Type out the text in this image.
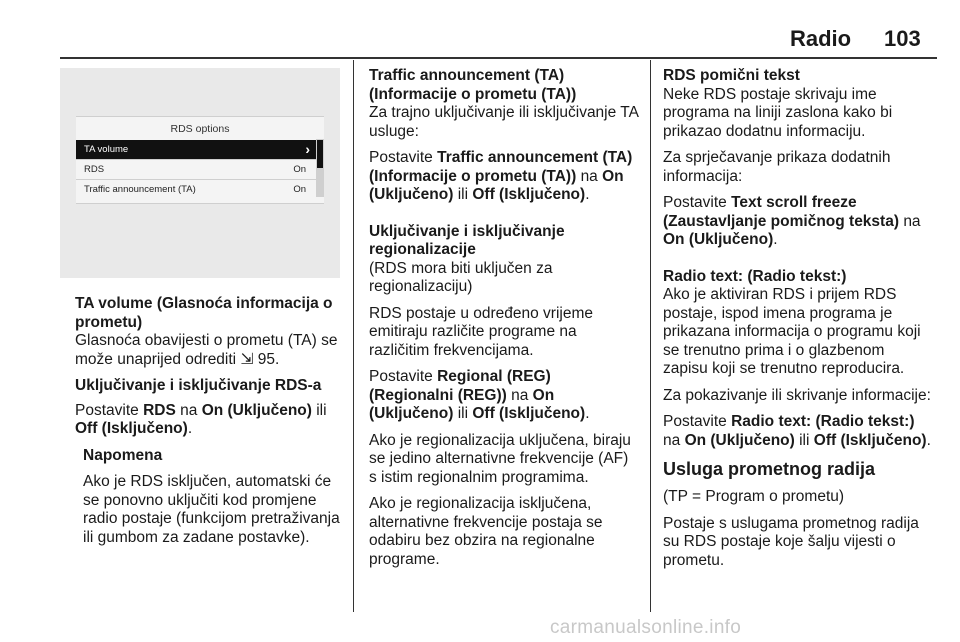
Radio 103
RDS options
TA volume	›
RDS	On
Traffic announcement (TA)	On

TA volume (Glasnoća informacija o prometu)

Glasnoća obavijesti o prometu (TA) se može unaprijed odrediti ⇲ 95.

Uključivanje i isključivanje RDS-a

Postavite RDS na On (Uključeno) ili Off (Isključeno).

Napomena

Ako je RDS isključen, automatski će se ponovno uključiti kod promjene radio postaje (funkcijom pretraživanja ili gumbom za zadane postavke).

Traffic announcement (TA) (Informacije o prometu (TA))

Za trajno uključivanje ili isključivanje TA usluge:

Postavite Traffic announcement (TA) (Informacije o prometu (TA)) na On (Uključeno) ili Off (Isključeno).

Uključivanje i isključivanje regionalizacije

(RDS mora biti uključen za regionalizaciju)

RDS postaje u određeno vrijeme emitiraju različite programe na različitim frekvencijama.

Postavite Regional (REG) (Regionalni (REG)) na On (Uključeno) ili Off (Isključeno).

Ako je regionalizacija uključena, biraju se jedino alternativne frekvencije (AF) s istim regionalnim programima.

Ako je regionalizacija isključena, alternativne frekvencije postaja se odabiru bez obzira na regionalne programe.

RDS pomični tekst

Neke RDS postaje skrivaju ime programa na liniji zaslona kako bi prikazao dodatnu informaciju.

Za sprječavanje prikaza dodatnih informacija:

Postavite Text scroll freeze (Zaustavljanje pomičnog teksta) na On (Uključeno).

Radio text: (Radio tekst:)

Ako je aktiviran RDS i prijem RDS postaje, ispod imena programa je prikazana informacija o programu koji se trenutno prima i o glazbenom zapisu koji se trenutno reproducira.

Za pokazivanje ili skrivanje informacije:

Postavite Radio text: (Radio tekst:) na On (Uključeno) ili Off (Isključeno).

Usluga prometnog radija

(TP = Program o prometu)

Postaje s uslugama prometnog radija su RDS postaje koje šalju vijesti o prometu.

carmanualsonline.info
